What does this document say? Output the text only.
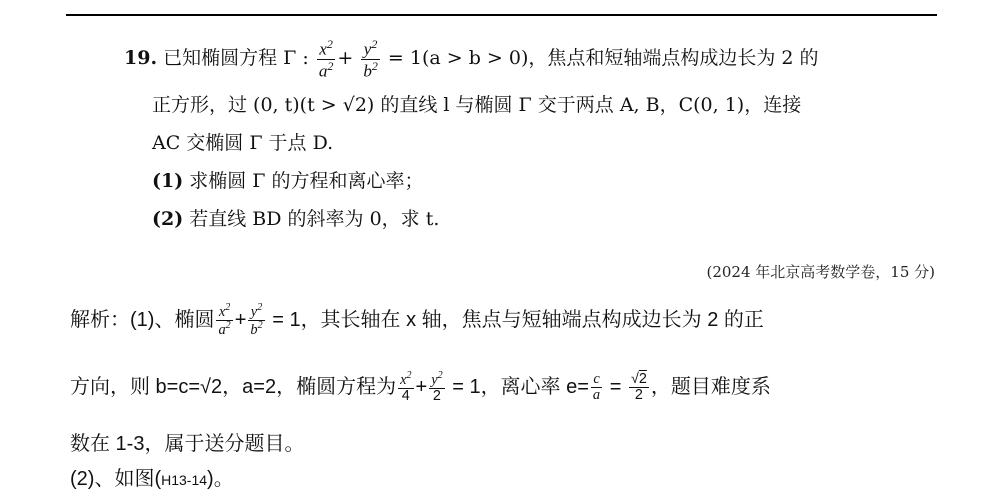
19. 已知椭圆方程 Γ : $\frac{x^2}{a^2} + \frac{y^2}{b^2} = 1(a > b > 0)$，焦点和短轴端点构成边长为 2 的
正方形，过 (0, t)(t > √2) 的直线 l 与椭圆 Γ 交于两点 A, B，C(0, 1)，连接
AC 交椭圆 Γ 于点 D.
(1) 求椭圆 Γ 的方程和离心率；
(2) 若直线 BD 的斜率为 0，求 t.
(2024 年北京高考数学卷，15 分)
解析：(1)、椭圆 $\frac{x^2}{a^2} + \frac{y^2}{b^2} = 1$，其长轴在 x 轴，焦点与短轴端点构成边长为 2 的正
方向，则 b=c=√2，a=2，椭圆方程为 $\frac{x^2}{4} + \frac{y^2}{2} = 1$，离心率 $e= \frac{c}{a} = \frac{√2}{2}$ ，题目难度系
数在 1-3，属于送分题目。
(2)、如图(H13-14)。
